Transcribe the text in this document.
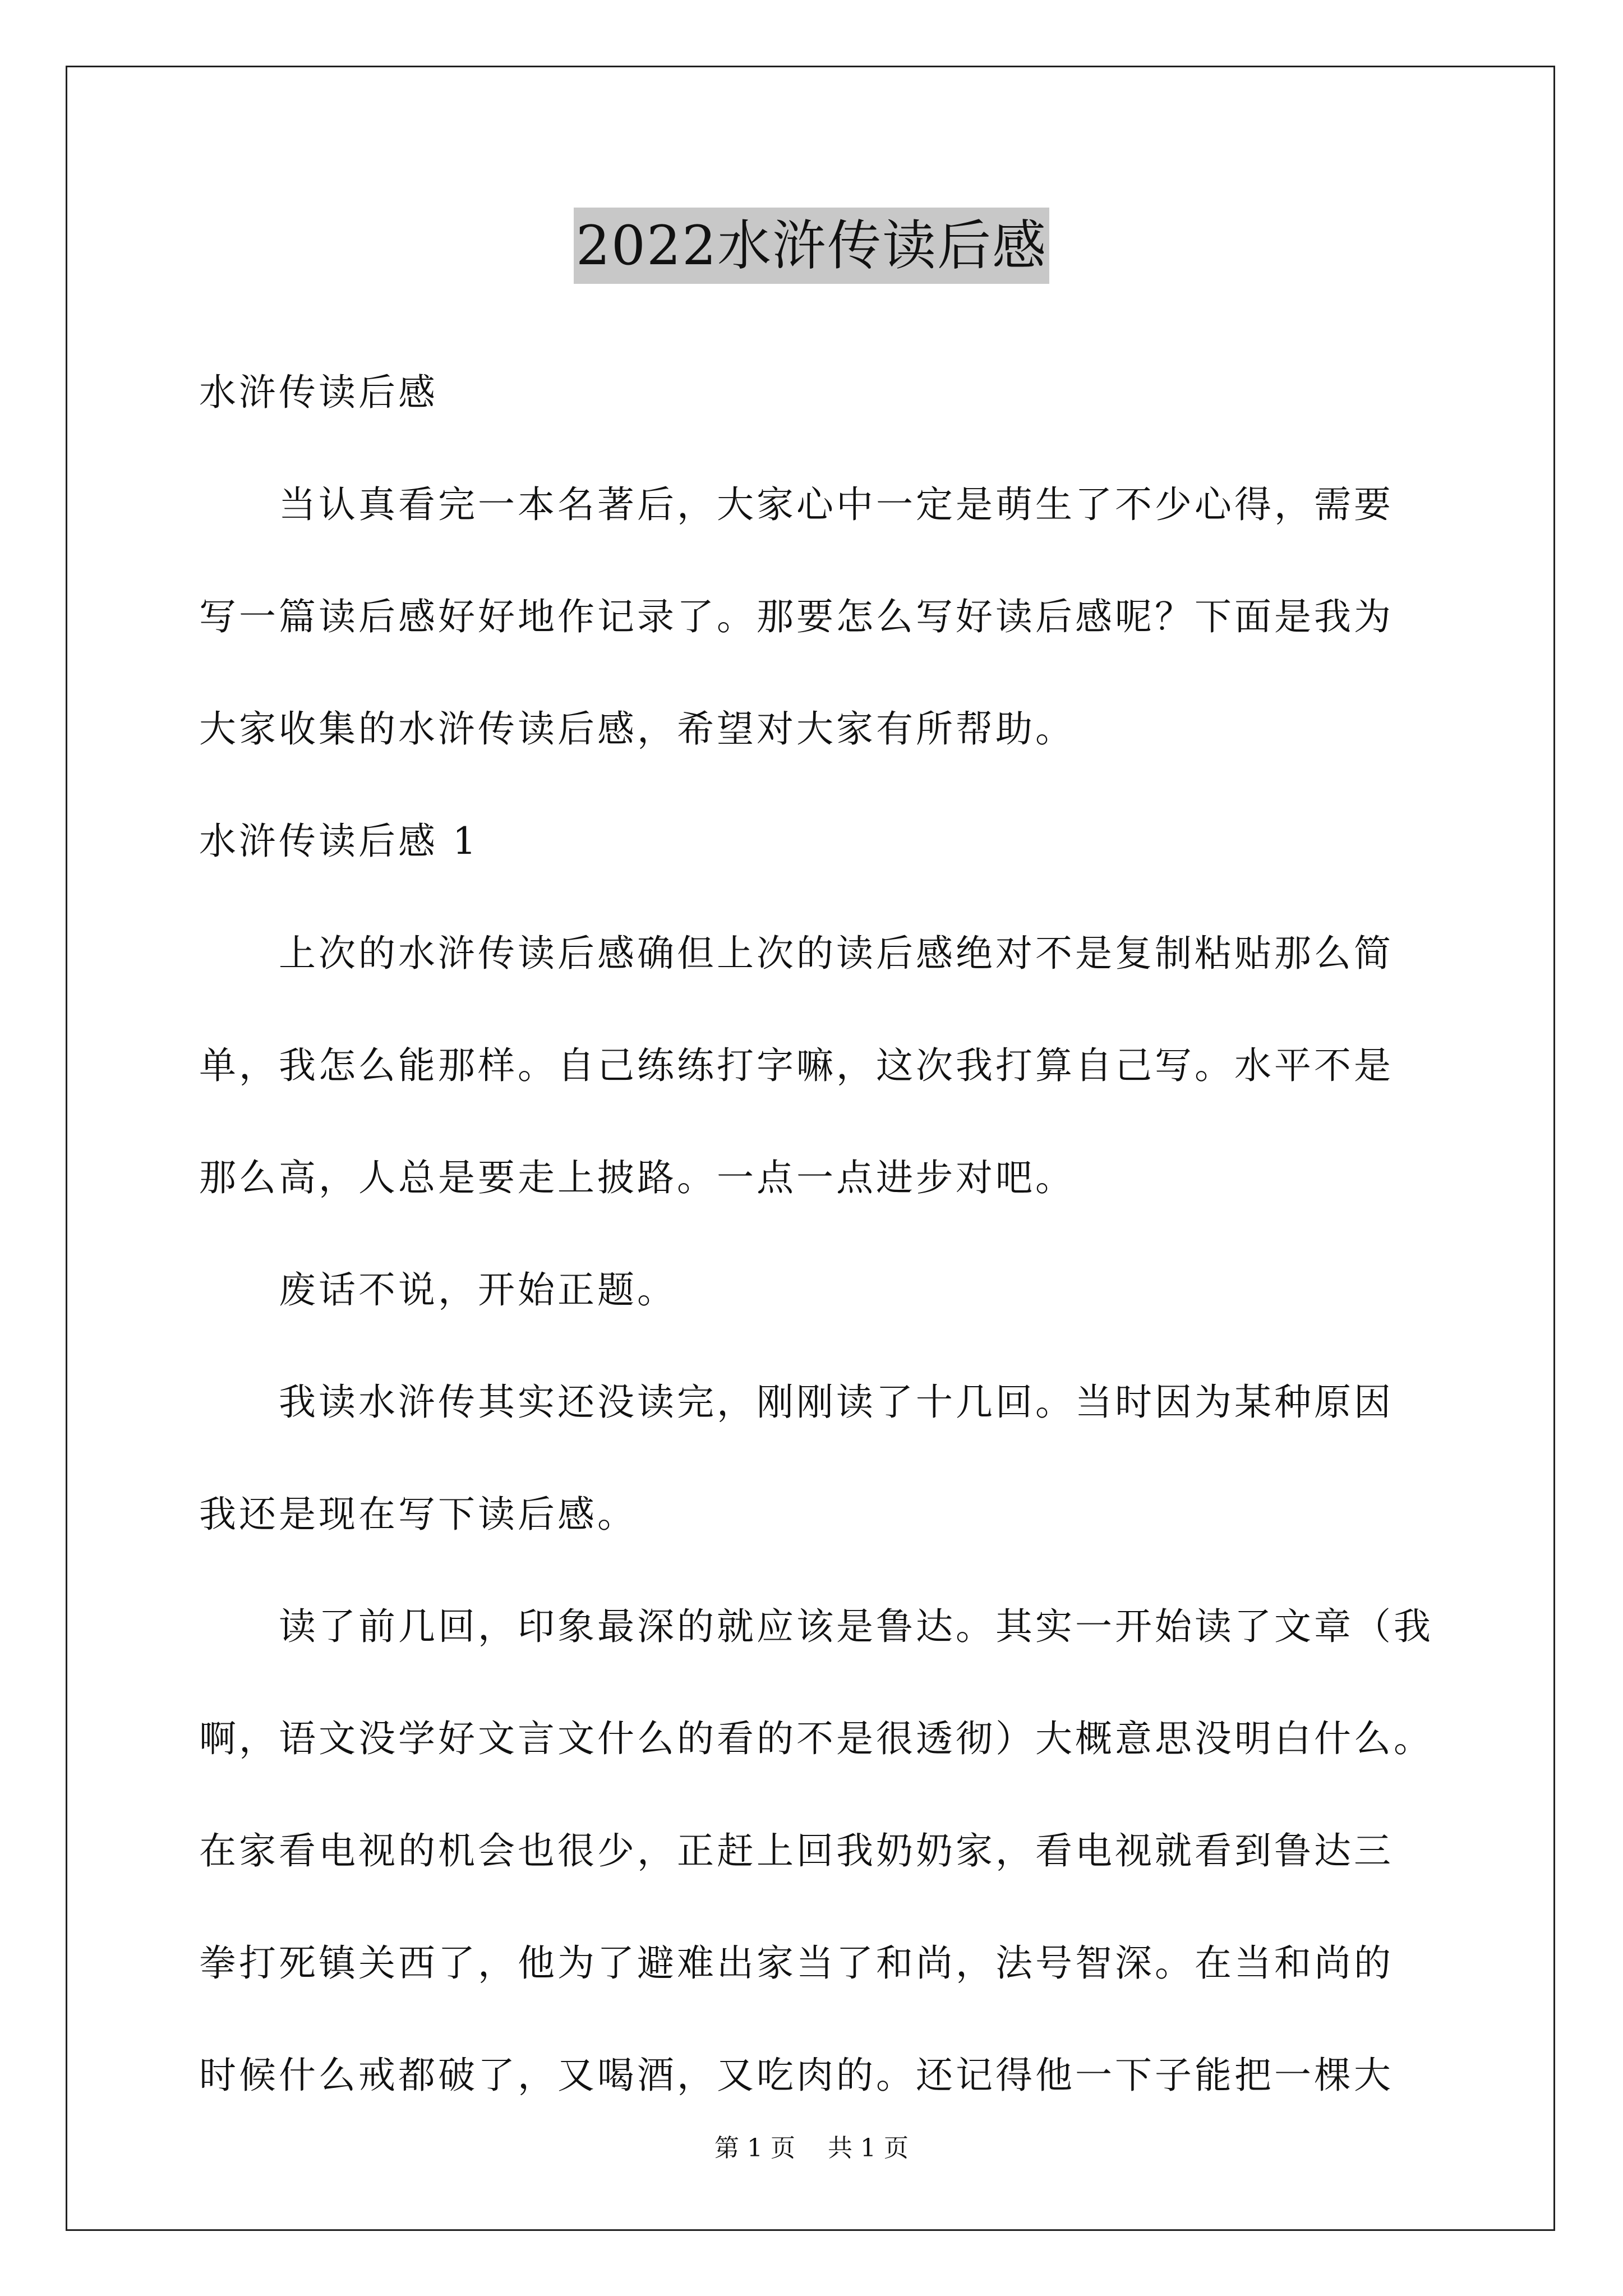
2022水浒传读后感
水浒传读后感
　　当认真看完一本名著后，大家心中一定是萌生了不少心得，需要
写一篇读后感好好地作记录了。那要怎么写好读后感呢？下面是我为
大家收集的水浒传读后感，希望对大家有所帮助。
水浒传读后感 1
　　上次的水浒传读后感确但上次的读后感绝对不是复制粘贴那么简
单，我怎么能那样。自己练练打字嘛，这次我打算自己写。水平不是
那么高，人总是要走上披路。一点一点进步对吧。
　　废话不说，开始正题。
　　我读水浒传其实还没读完，刚刚读了十几回。当时因为某种原因
我还是现在写下读后感。
　　读了前几回，印象最深的就应该是鲁达。其实一开始读了文章（我
啊，语文没学好文言文什么的看的不是很透彻）大概意思没明白什么。
在家看电视的机会也很少，正赶上回我奶奶家，看电视就看到鲁达三
拳打死镇关西了，他为了避难出家当了和尚，法号智深。在当和尚的
时候什么戒都破了，又喝酒，又吃肉的。还记得他一下子能把一棵大
第 1 页 共 1 页
